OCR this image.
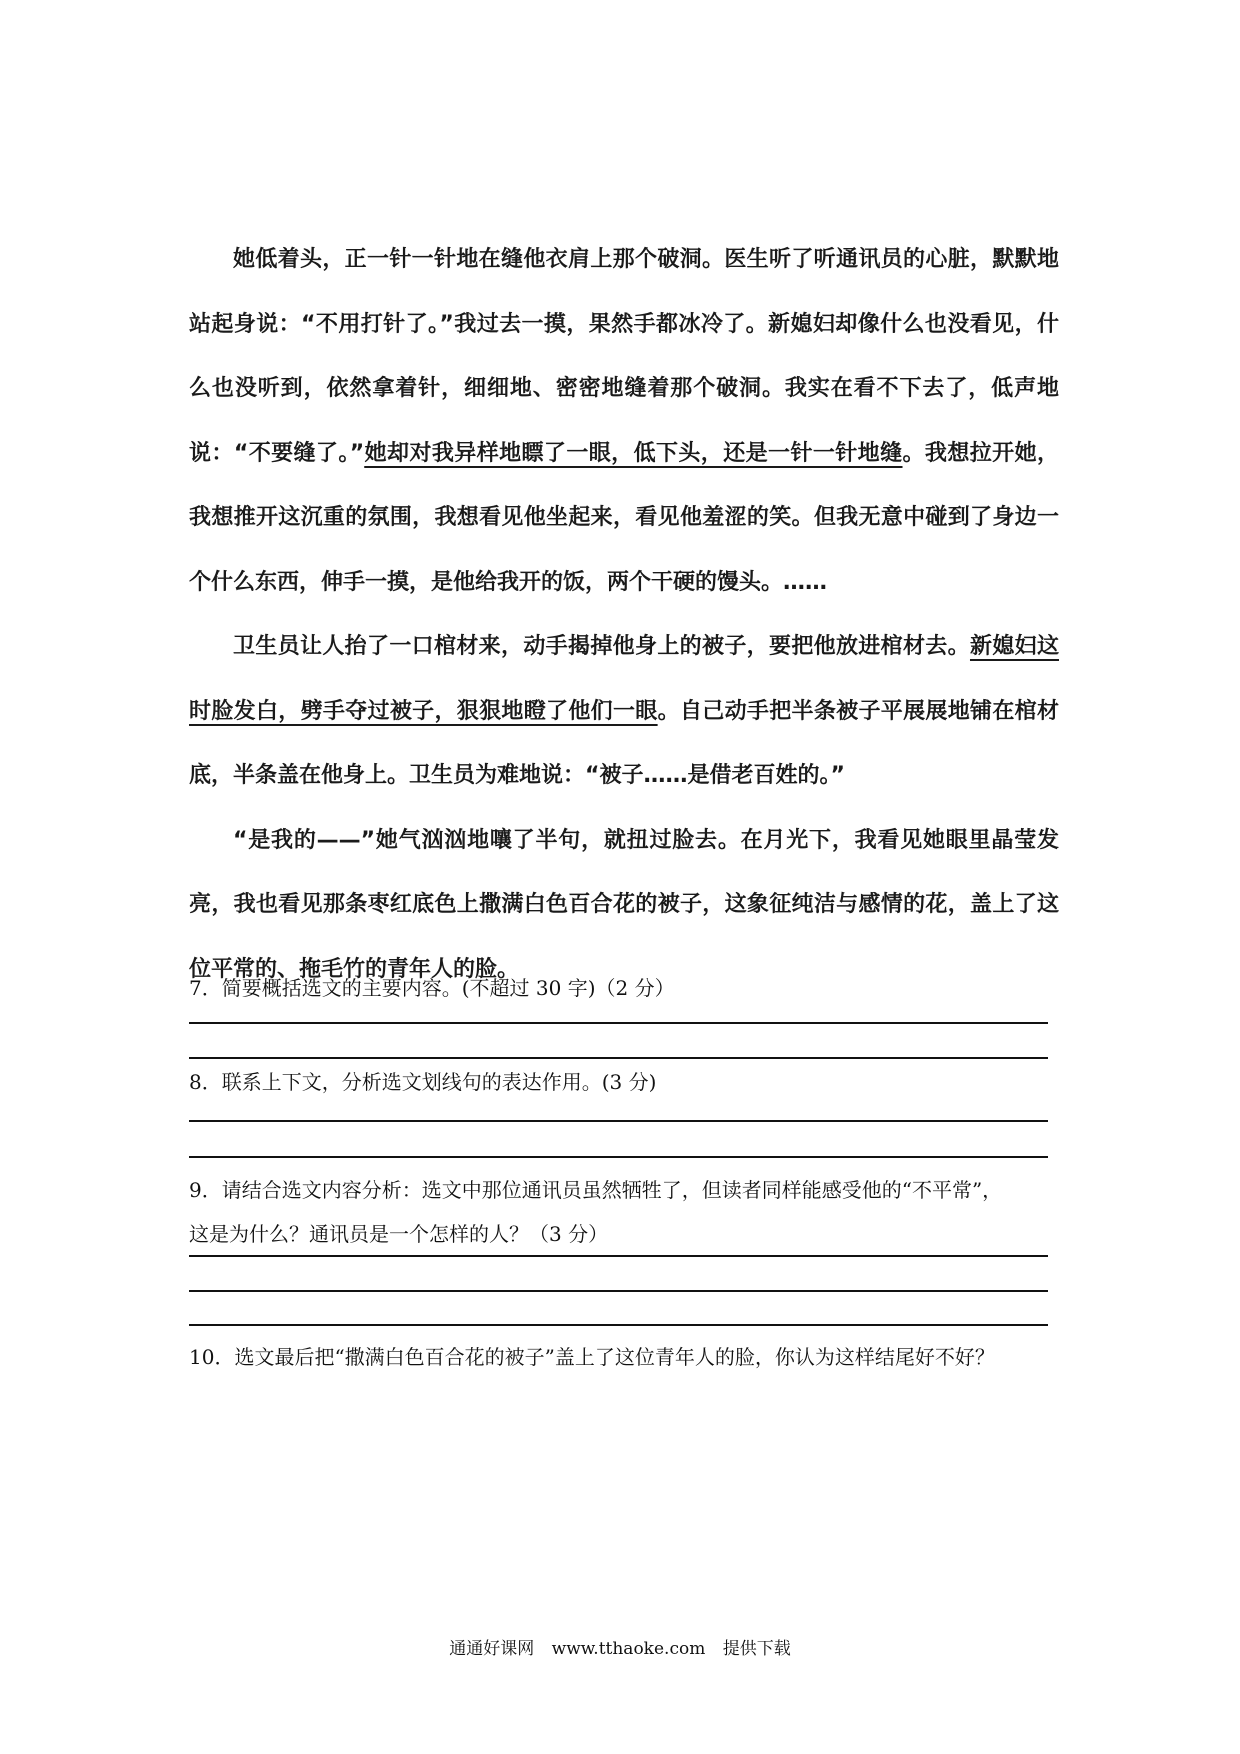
她低着头，正一针一针地在缝他衣肩上那个破洞。医生听了听通讯员的心脏，默默地站起身说：“不用打针了。”我过去一摸，果然手都冰冷了。新媳妇却像什么也没看见，什么也没听到，依然拿着针，细细地、密密地缝着那个破洞。我实在看不下去了，低声地说：“不要缝了。”她却对我异样地瞟了一眼，低下头，还是一针一针地缝。我想拉开她，我想推开这沉重的氛围，我想看见他坐起来，看见他羞涩的笑。但我无意中碰到了身边一个什么东西，伸手一摸，是他给我开的饭，两个干硬的馒头。……

卫生员让人抬了一口棺材来，动手揭掉他身上的被子，要把他放进棺材去。新媳妇这时脸发白，劈手夺过被子，狠狠地瞪了他们一眼。自己动手把半条被子平展展地铺在棺材底，半条盖在他身上。卫生员为难地说：“被子……是借老百姓的。”

“是我的——”她气汹汹地嚷了半句，就扭过脸去。在月光下，我看见她眼里晶莹发亮，我也看见那条枣红底色上撒满白色百合花的被子，这象征纯洁与感情的花，盖上了这位平常的、拖毛竹的青年人的脸。

7．简要概括选文的主要内容。(不超过 30 字)（2 分）

8．联系上下文，分析选文划线句的表达作用。(3 分)

9．请结合选文内容分析：选文中那位通讯员虽然牺牲了，但读者同样能感受他的“不平常”，

这是为什么？通讯员是一个怎样的人？（3 分）

10．选文最后把“撒满白色百合花的被子”盖上了这位青年人的脸，你认为这样结尾好不好？

通通好课网 www.tthaoke.com 提供下载
